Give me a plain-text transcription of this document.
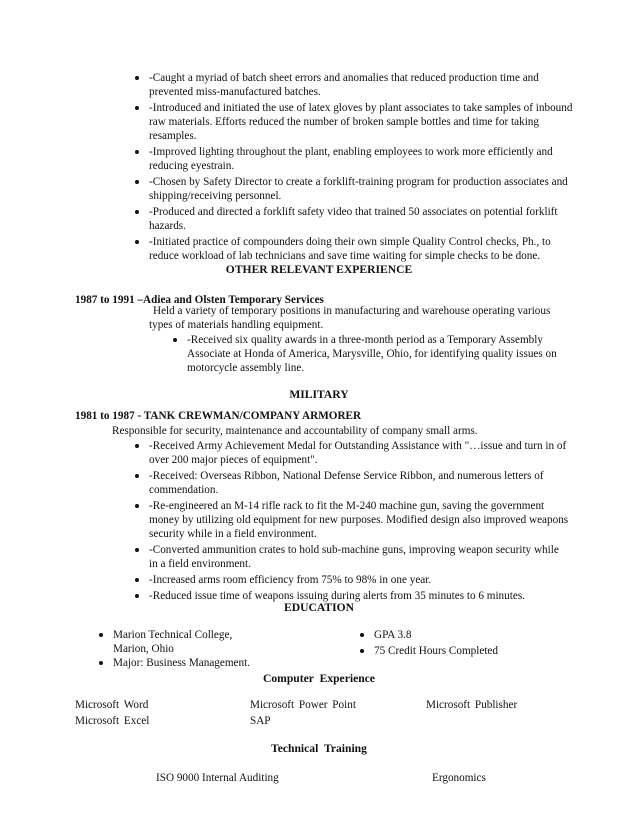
-Caught a myriad of batch sheet errors and anomalies that reduced production time and prevented miss-manufactured batches.
-Introduced and initiated the use of latex gloves by plant associates to take samples of inbound raw materials. Efforts reduced the number of broken sample bottles and time for taking resamples.
-Improved lighting throughout the plant, enabling employees to work more efficiently and reducing eyestrain.
-Chosen by Safety Director to create a forklift-training program for production associates and shipping/receiving personnel.
-Produced and directed a forklift safety video that trained 50 associates on potential forklift hazards.
-Initiated practice of compounders doing their own simple Quality Control checks, Ph., to reduce workload of lab technicians and save time waiting for simple checks to be done.
OTHER RELEVANT EXPERIENCE
1987 to 1991 –Adiea and Olsten Temporary Services
Held a variety of temporary positions in manufacturing and warehouse operating various types of materials handling equipment.
-Received six quality awards in a three-month period as a Temporary Assembly Associate at Honda of America, Marysville, Ohio, for identifying quality issues on motorcycle assembly line.
MILITARY
1981 to 1987 - TANK CREWMAN/COMPANY ARMORER
Responsible for security, maintenance and accountability of company small arms.
-Received Army Achievement Medal for Outstanding Assistance with "…issue and turn in of over 200 major pieces of equipment".
-Received: Overseas Ribbon, National Defense Service Ribbon, and numerous letters of commendation.
-Re-engineered an M-14 rifle rack to fit the M-240 machine gun, saving the government money by utilizing old equipment for new purposes. Modified design also improved weapons security while in a field environment.
-Converted ammunition crates to hold sub-machine guns, improving weapon security while in a field environment.
-Increased arms room efficiency from 75% to 98% in one year.
-Reduced issue time of weapons issuing during alerts from 35 minutes to 6 minutes.
EDUCATION
Marion Technical College,
Marion, Ohio
Major: Business Management.
GPA 3.8
75 Credit Hours Completed
Computer Experience
Microsoft Word	Microsoft Power Point	Microsoft Publisher
Microsoft Excel	SAP
Technical Training
ISO 9000 Internal Auditing	Ergonomics
